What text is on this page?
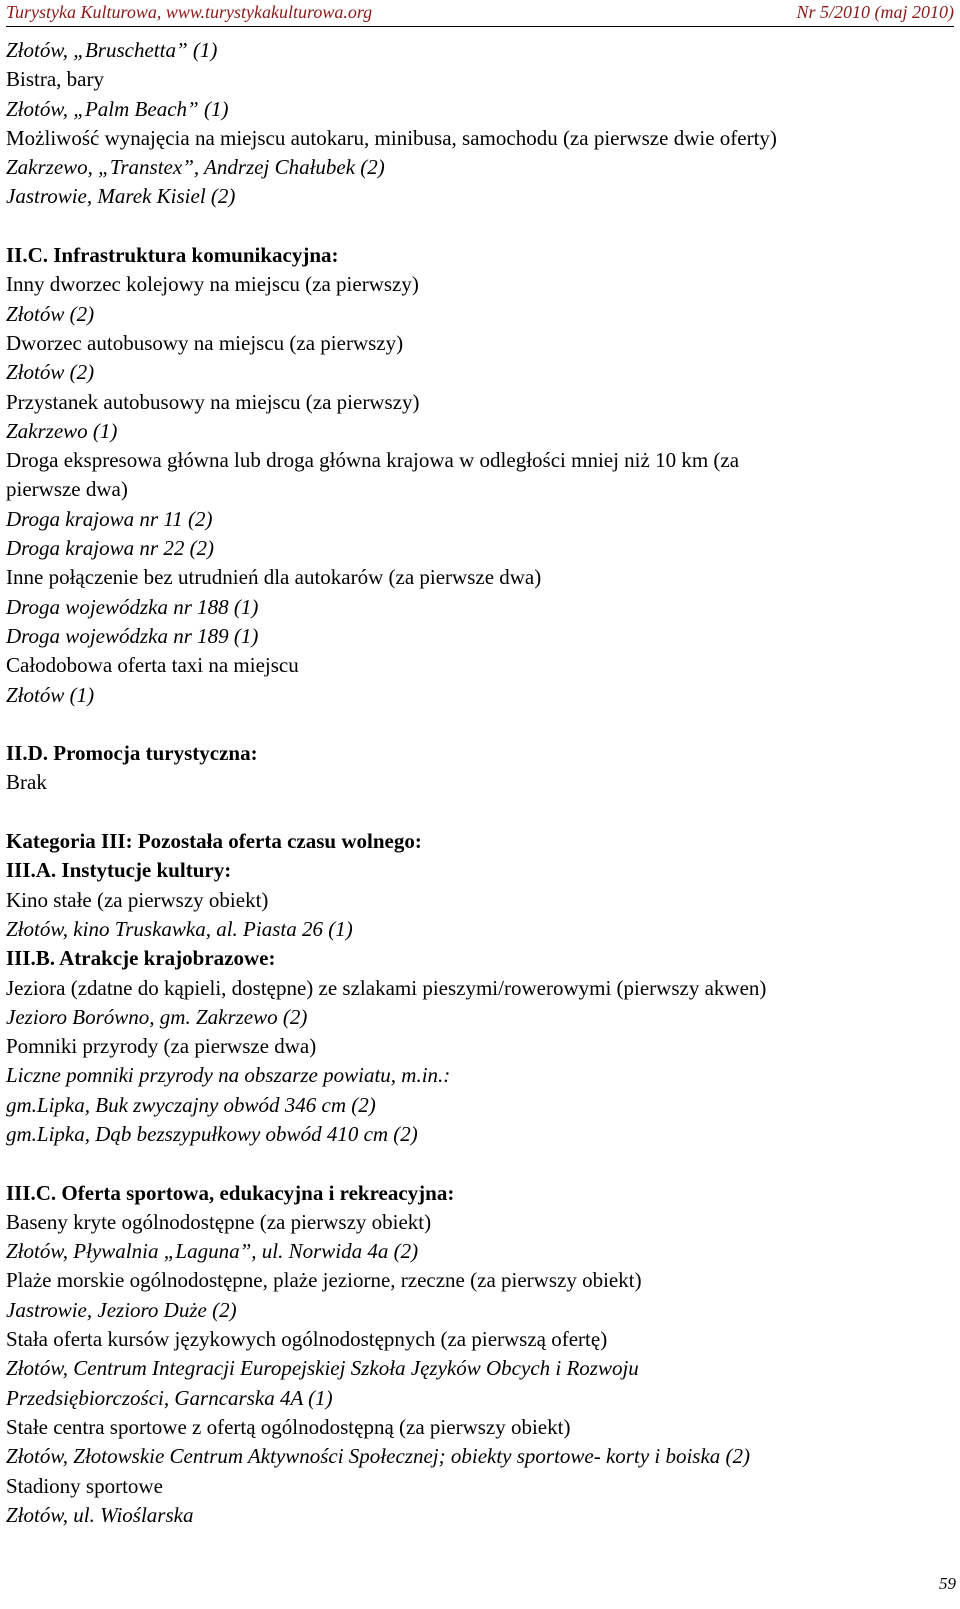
Turystyka Kulturowa, www.turystykakulturowa.org	Nr 5/2010 (maj 2010)
Złotów, „Bruschetta” (1)
Bistra, bary
Złotów, „Palm Beach” (1)
Możliwość wynajęcia na miejscu autokaru, minibusa, samochodu (za pierwsze dwie oferty)
Zakrzewo, „Transtex”, Andrzej Chałubek (2)
Jastrowie, Marek Kisiel (2)
II.C. Infrastruktura komunikacyjna:
Inny dworzec kolejowy na miejscu (za pierwszy)
Złotów (2)
Dworzec autobusowy na miejscu (za pierwszy)
Złotów (2)
Przystanek autobusowy na miejscu (za pierwszy)
Zakrzewo (1)
Droga ekspresowa główna lub droga główna krajowa w odległości mniej niż 10 km (za
pierwsze dwa)
Droga krajowa nr 11 (2)
Droga krajowa nr 22 (2)
Inne połączenie bez utrudnień dla autokarów (za pierwsze dwa)
Droga wojewódzka nr 188 (1)
Droga wojewódzka nr 189 (1)
Całodobowa oferta taxi na miejscu
Złotów (1)
II.D. Promocja turystyczna:
Brak
Kategoria III: Pozostała oferta czasu wolnego:
III.A. Instytucje kultury:
Kino stałe (za pierwszy obiekt)
Złotów, kino Truskawka, al. Piasta 26 (1)
III.B. Atrakcje krajobrazowe:
Jeziora (zdatne do kąpieli, dostępne) ze szlakami pieszymi/rowerowymi (pierwszy akwen)
Jezioro Borówno, gm. Zakrzewo (2)
Pomniki przyrody (za pierwsze dwa)
Liczne pomniki przyrody na obszarze powiatu, m.in.:
gm.Lipka, Buk zwyczajny obwód 346 cm (2)
gm.Lipka, Dąb bezszypułkowy obwód 410 cm (2)
III.C. Oferta sportowa, edukacyjna i rekreacyjna:
Baseny kryte ogólnodostępne (za pierwszy obiekt)
Złotów, Pływalnia „Laguna”, ul. Norwida 4a (2)
Plaże morskie ogólnodostępne, plaże jeziorne, rzeczne (za pierwszy obiekt)
Jastrowie, Jezioro Duże (2)
Stała oferta kursów językowych ogólnodostępnych (za pierwszą ofertę)
Złotów, Centrum Integracji Europejskiej Szkoła Języków Obcych i Rozwoju
Przedsiębiorczości, Garncarska 4A (1)
Stałe centra sportowe z ofertą ogólnodostępną (za pierwszy obiekt)
Złotów, Złotowskie Centrum Aktywności Społecznej; obiekty sportowe- korty i boiska (2)
Stadiony sportowe
Złotów, ul. Wioślarska
59
